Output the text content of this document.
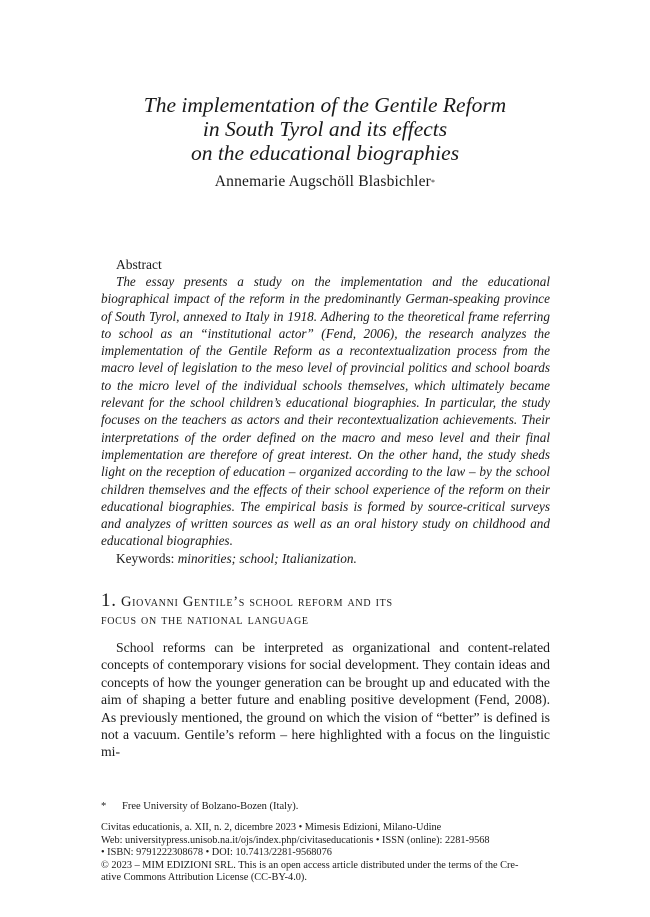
The implementation of the Gentile Reform
in South Tyrol and its effects
on the educational biographies
Annemarie Augschöll Blasbichler*
Abstract

The essay presents a study on the implementation and the educational biographical impact of the reform in the predominantly German-speaking province of South Tyrol, annexed to Italy in 1918. Adhering to the theoretical frame referring to school as an “institutional actor” (Fend, 2006), the research analyzes the implementation of the Gentile Reform as a recontextualization process from the macro level of legislation to the meso level of provincial politics and school boards to the micro level of the individual schools themselves, which ultimately became relevant for the school children’s educational biographies. In particular, the study focuses on the teachers as actors and their recontextualization achievements. Their interpretations of the order defined on the macro and meso level and their final implementation are therefore of great interest. On the other hand, the study sheds light on the reception of education – organized according to the law – by the school children themselves and the effects of their school experience of the reform on their educational biographies. The empirical basis is formed by source-critical surveys and analyzes of written sources as well as an oral history study on childhood and educational biographies.

Keywords: minorities; school; Italianization.
1. Giovanni Gentile’s school reform and its
focus on the national language

School reforms can be interpreted as organizational and content-related concepts of contemporary visions for social development. They contain ideas and concepts of how the younger generation can be brought up and educated with the aim of shaping a better future and enabling positive development (Fend, 2008). As previously mentioned, the ground on which the vision of “better” is defined is not a vacuum. Gentile’s reform – here highlighted with a focus on the linguistic mi-

* Free University of Bolzano-Bozen (Italy).
Civitas educationis, a. XII, n. 2, dicembre 2023 • Mimesis Edizioni, Milano-Udine
Web: universitypress.unisob.na.it/ojs/index.php/civitaseducationis • ISSN (online): 2281-9568
• ISBN: 9791222308678 • DOI: 10.7413/2281-9568076
© 2023 – MIM EDIZIONI SRL. This is an open access article distributed under the terms of the Cre-
ative Commons Attribution License (CC-BY-4.0).
